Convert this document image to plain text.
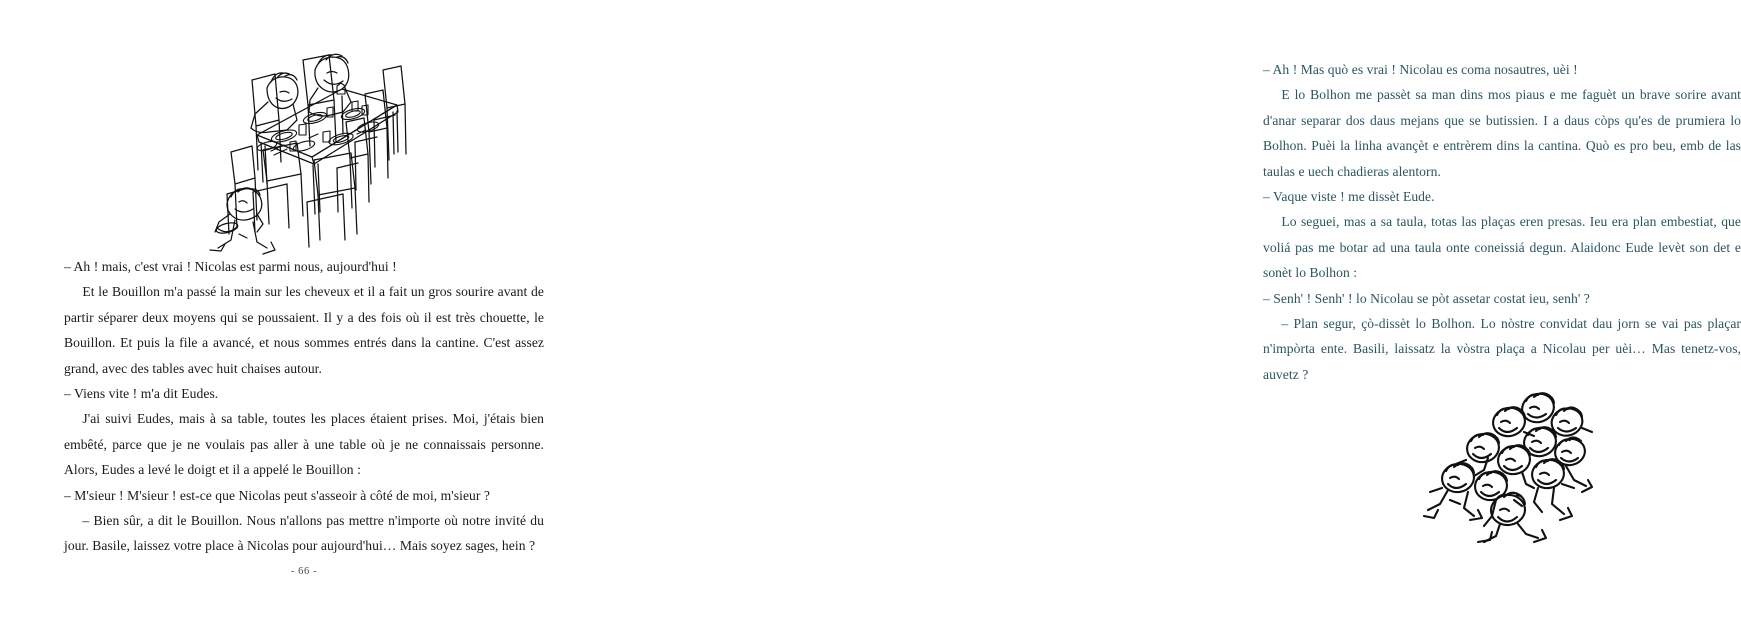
– Ah ! mais, c'est vrai ! Nicolas est parmi nous, aujourd'hui !

Et le Bouillon m'a passé la main sur les cheveux et il a fait un gros sourire avant de partir séparer deux moyens qui se poussaient. Il y a des fois où il est très chouette, le Bouillon. Et puis la file a avancé, et nous sommes entrés dans la cantine. C'est assez grand, avec des tables avec huit chaises autour.

– Viens vite ! m'a dit Eudes.

J'ai suivi Eudes, mais à sa table, toutes les places étaient prises. Moi, j'étais bien embêté, parce que je ne voulais pas aller à une table où je ne connaissais personne. Alors, Eudes a levé le doigt et il a appelé le Bouillon :

– M'sieur ! M'sieur ! est-ce que Nicolas peut s'asseoir à côté de moi, m'sieur ?

– Bien sûr, a dit le Bouillon. Nous n'allons pas mettre n'importe où notre invité du jour. Basile, laissez votre place à Nicolas pour aujourd'hui… Mais soyez sages, hein ?

- 66 -

– Ah ! Mas quò es vrai ! Nicolau es coma nosautres, uèi !

E lo Bolhon me passèt sa man dins mos piaus e me faguèt un brave sorire avant d'anar separar dos daus mejans que se butissien. I a daus còps qu'es de prumiera lo Bolhon. Puèi la linha avançèt e entrèrem dins la cantina. Quò es pro beu, emb de las taulas e uech chadieras alentorn.

– Vaque viste ! me dissèt Eude.

Lo seguei, mas a sa taula, totas las plaças eren presas. Ieu era plan embestiat, que voliá pas me botar ad una taula onte coneissiá degun. Alaidonc Eude levèt son det e sonèt lo Bolhon :

– Senh' ! Senh' ! lo Nicolau se pòt assetar costat ieu, senh' ?

– Plan segur, çò-dissèt lo Bolhon. Lo nòstre convidat dau jorn se vai pas plaçar n'impòrta ente. Basili, laissatz la vòstra plaça a Nicolau per uèi… Mas tenetz-vos, auvetz ?
